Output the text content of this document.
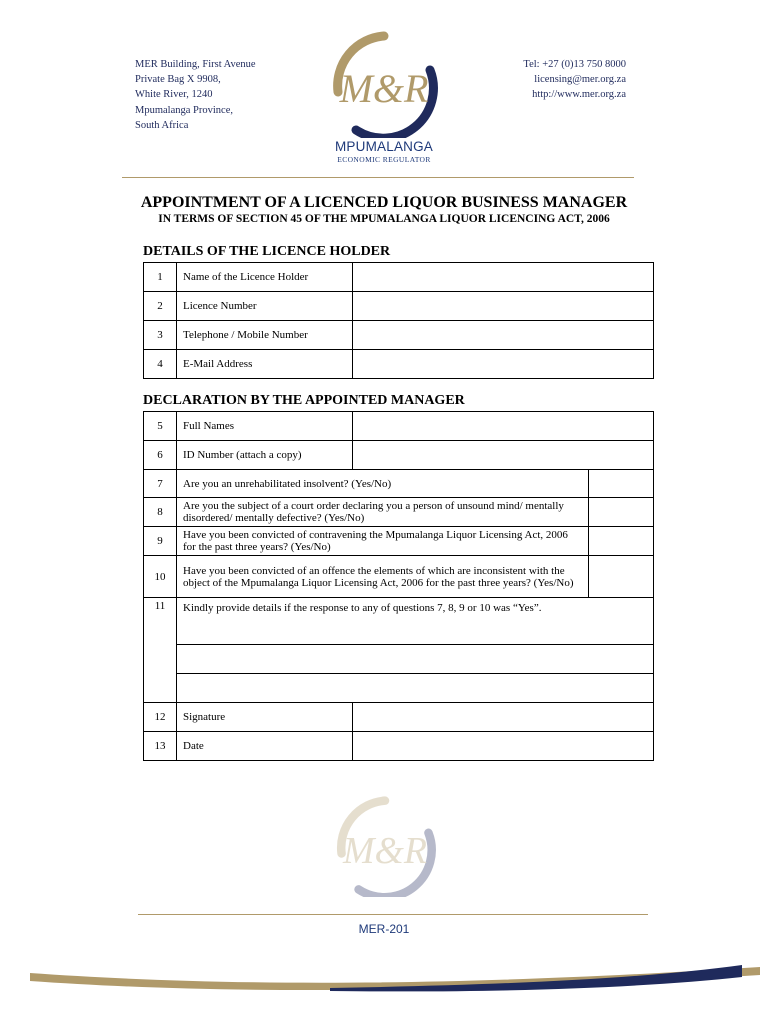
MER Building, First Avenue
Private Bag X 9908,
White River, 1240
Mpumalanga Province,
South Africa
M&R
MPUMALANGA
ECONOMIC REGULATOR
Tel: +27 (0)13 750 8000
licensing@mer.org.za
http://www.mer.org.za
APPOINTMENT OF A LICENCED LIQUOR BUSINESS MANAGER
IN TERMS OF SECTION 45 OF THE MPUMALANGA LIQUOR LICENCING ACT, 2006
DETAILS OF THE LICENCE HOLDER
1	Name of the Licence Holder	
2	Licence Number	
3	Telephone / Mobile Number	
4	E-Mail Address	
DECLARATION BY THE APPOINTED MANAGER
5	Full Names		
6	ID Number (attach a copy)		
7	Are you an unrehabilitated insolvent? (Yes/No)		
8	Are you the subject of a court order declaring you a person of unsound mind/ mentally disordered/ mentally defective? (Yes/No)		
9	Have you been convicted of contravening the Mpumalanga Liquor Licensing Act, 2006 for the past three years? (Yes/No)		
10	Have you been convicted of an offence the elements of which are inconsistent with the object of the Mpumalanga Liquor Licensing Act, 2006 for the past three years? (Yes/No)		
11	Kindly provide details if the response to any of questions 7, 8, 9 or 10 was “Yes”.		

12	Signature		
13	Date		
M&R
MER-201
